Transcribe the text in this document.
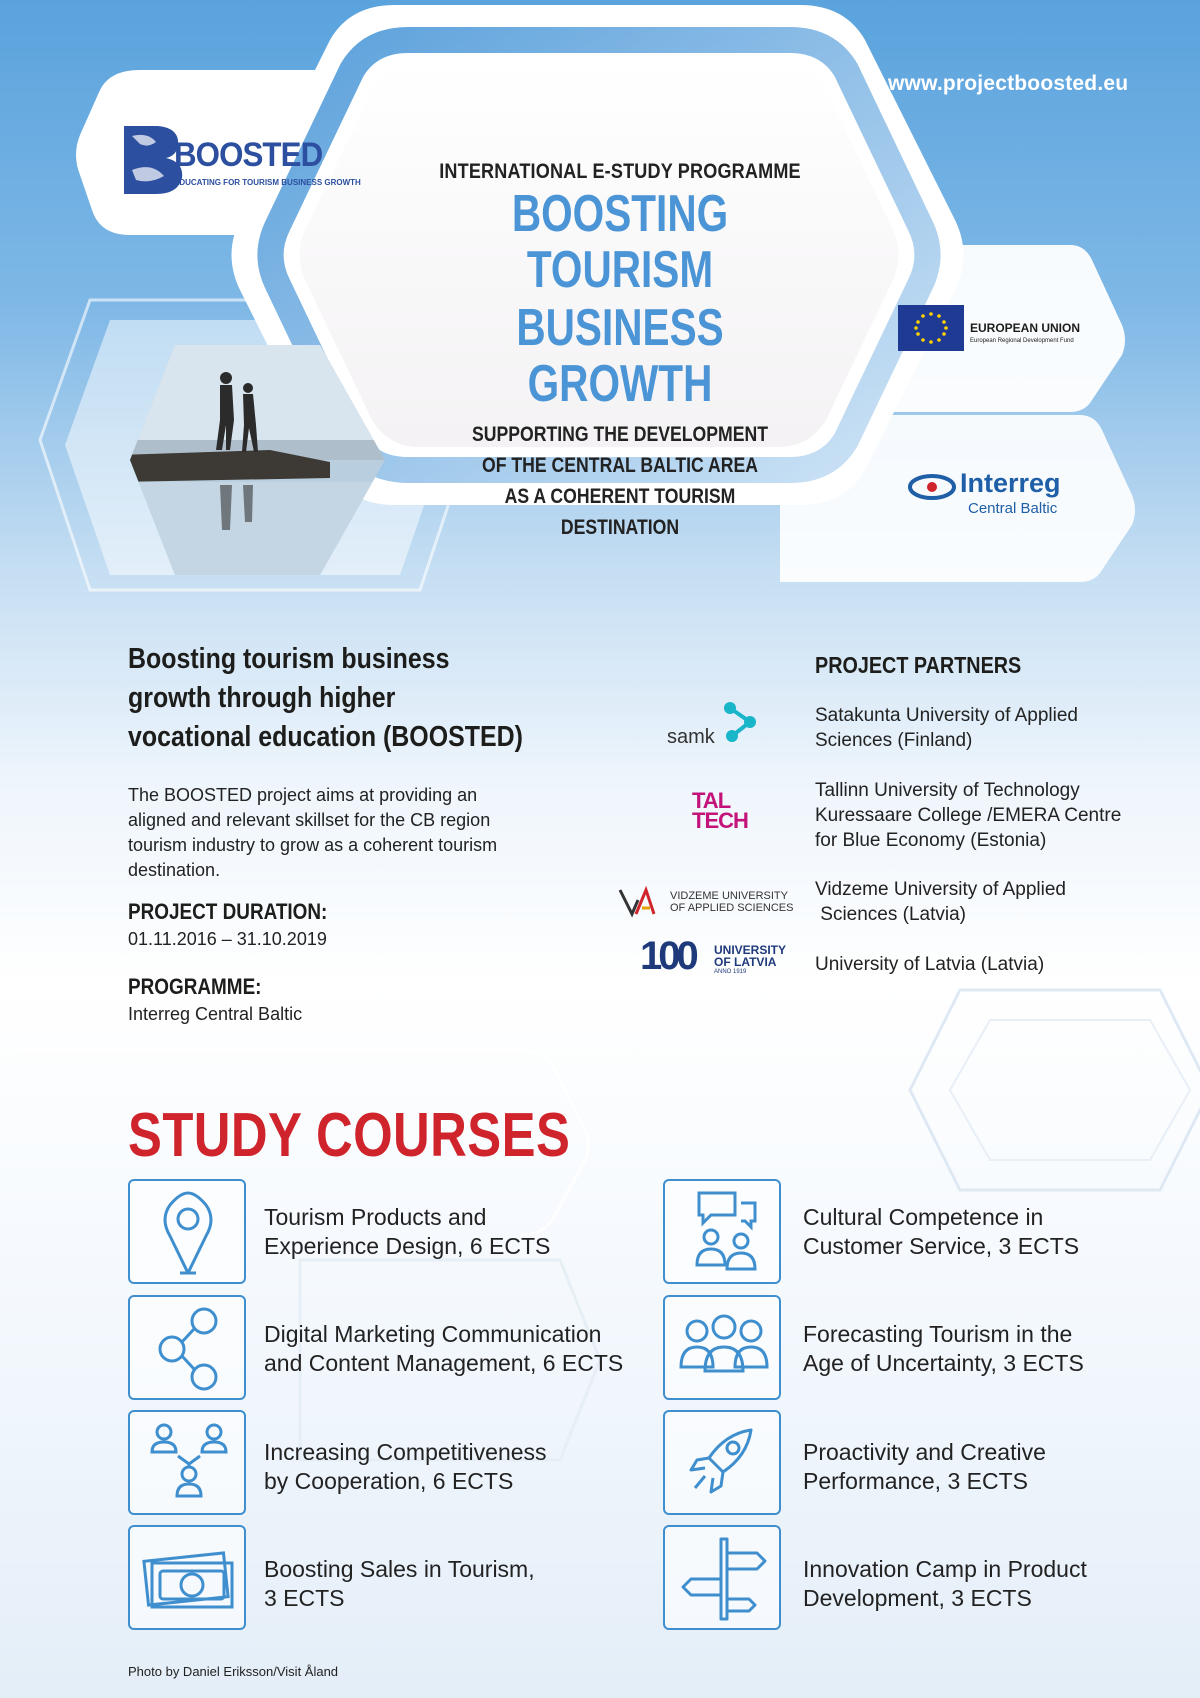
www.projectboosted.eu
BOOSTED
EDUCATING FOR TOURISM BUSINESS GROWTH	INTERNATIONAL E-STUDY PROGRAMME
BOOSTING TOURISM
BUSINESS GROWTH
SUPPORTING THE DEVELOPMENT
OF THE CENTRAL BALTIC AREA
AS A COHERENT TOURISM
DESTINATION
EUROPEAN UNION
European Regional Development Fund
Interreg
Central Baltic
Boosting tourism business
growth through higher
vocational education (BOOSTED)
The BOOSTED project aims at providing an aligned and relevant skillset for the CB region tourism industry to grow as a coherent tourism destination.
PROJECT DURATION:
01.11.2016 – 31.10.2019
PROGRAMME:
Interreg Central Baltic
PROJECT PARTNERS
samk
Satakunta University of Applied
Sciences (Finland)
TAL
TECH
Tallinn University of Technology
Kuressaare College /EMERA Centre
for Blue Economy (Estonia)
VIDZEME UNIVERSITY
OF APPLIED SCIENCES
Vidzeme University of Applied
Sciences (Latvia)
100 UNIVERSITY
OF LATVIA
ANNO 1919	University of Latvia (Latvia)
STUDY COURSES
Tourism Products and
Experience Design, 6 ECTS
Digital Marketing Communication
and Content Management, 6 ECTS
Increasing Competitiveness
by Cooperation, 6 ECTS
Boosting Sales in Tourism,
3 ECTS
Cultural Competence in
Customer Service, 3 ECTS
Forecasting Tourism in the
Age of Uncertainty, 3 ECTS
Proactivity and Creative
Performance, 3 ECTS
Innovation Camp in Product
Development, 3 ECTS
Photo by Daniel Eriksson/Visit Åland
